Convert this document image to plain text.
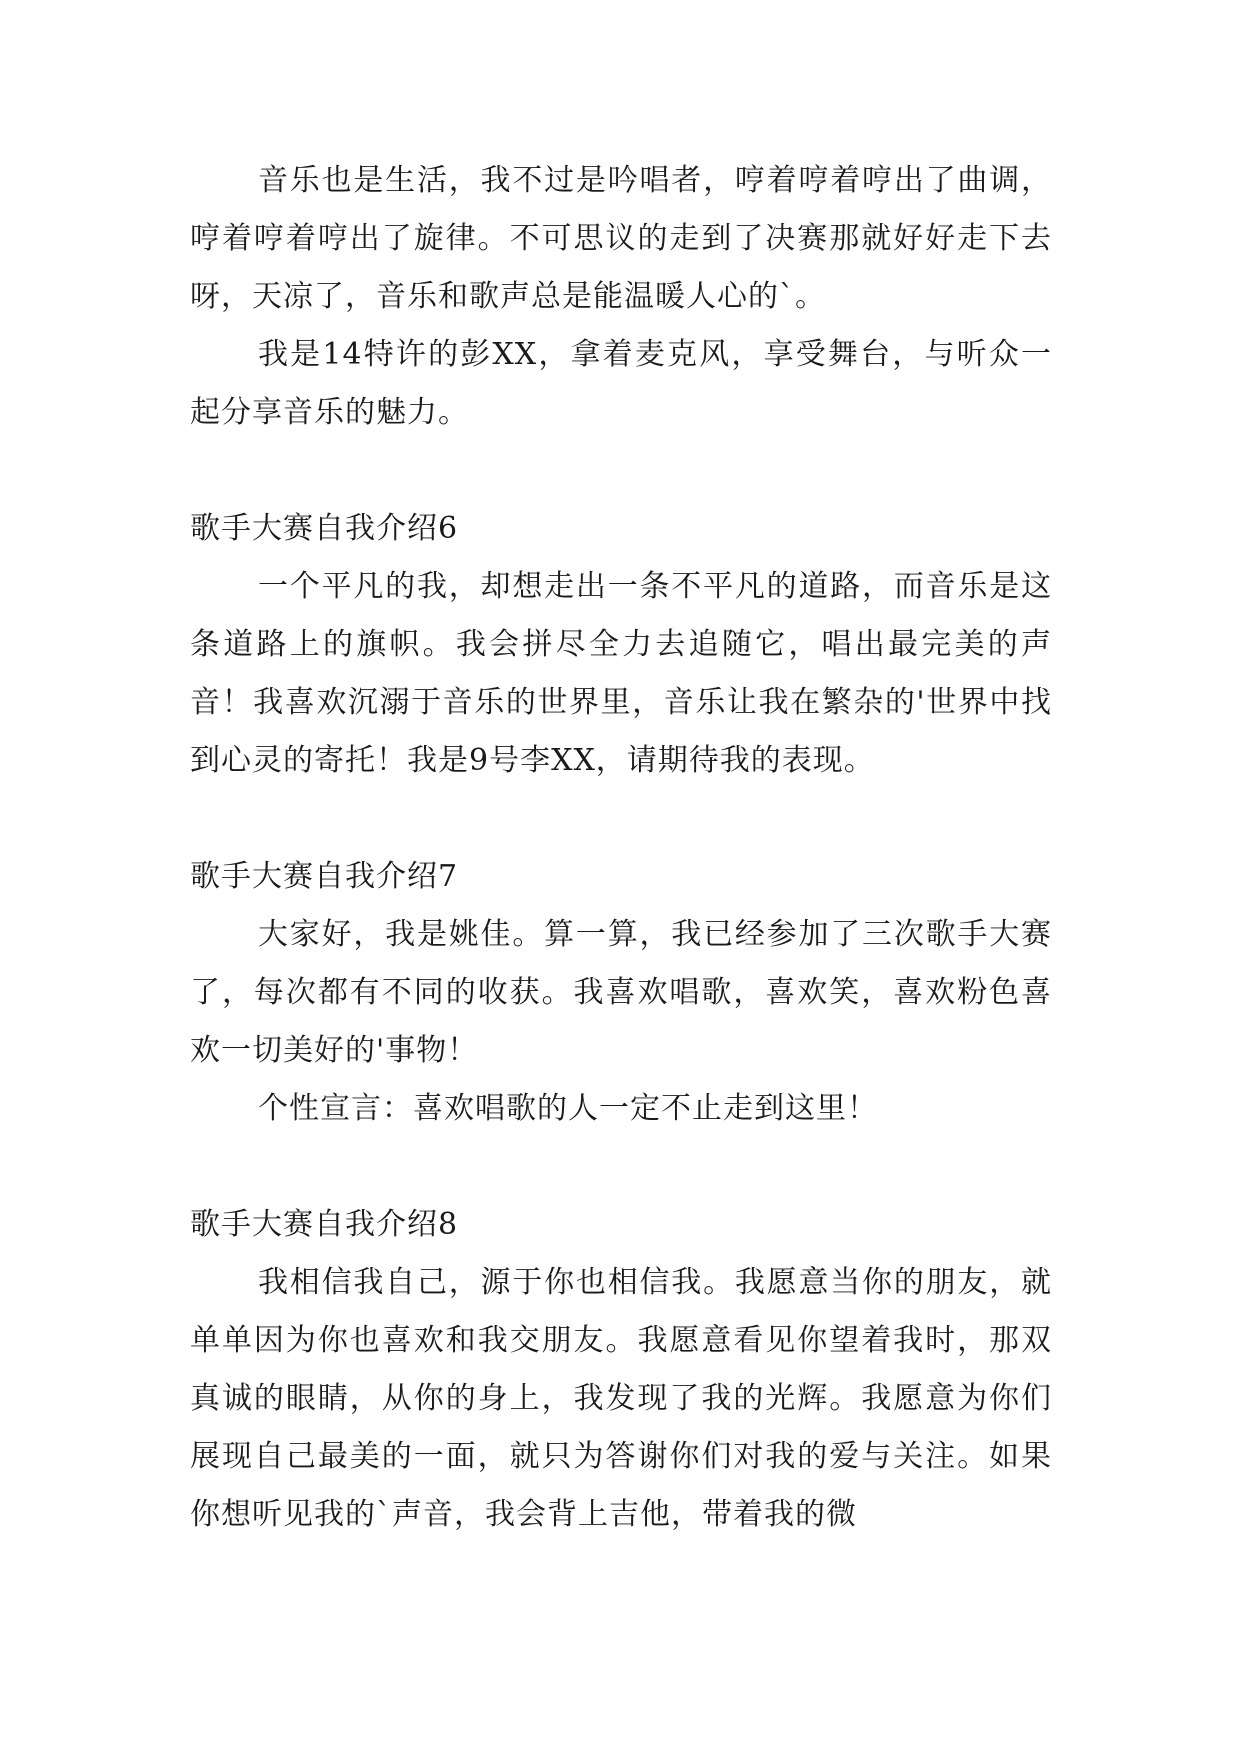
音乐也是生活，我不过是吟唱者，哼着哼着哼出了曲调，哼着哼着哼出了旋律。不可思议的走到了决赛那就好好走下去呀，天凉了，音乐和歌声总是能温暖人心的`。

我是14特许的彭XX，拿着麦克风，享受舞台，与听众一起分享音乐的魅力。

歌手大赛自我介绍6

一个平凡的我，却想走出一条不平凡的道路，而音乐是这条道路上的旗帜。我会拼尽全力去追随它，唱出最完美的声音！我喜欢沉溺于音乐的世界里，音乐让我在繁杂的'世界中找到心灵的寄托！我是9号李XX，请期待我的表现。

歌手大赛自我介绍7

大家好，我是姚佳。算一算，我已经参加了三次歌手大赛了，每次都有不同的收获。我喜欢唱歌，喜欢笑，喜欢粉色喜欢一切美好的'事物！

个性宣言：喜欢唱歌的人一定不止走到这里！

歌手大赛自我介绍8

我相信我自己，源于你也相信我。我愿意当你的朋友，就单单因为你也喜欢和我交朋友。我愿意看见你望着我时，那双真诚的眼睛，从你的身上，我发现了我的光辉。我愿意为你们展现自己最美的一面，就只为答谢你们对我的爱与关注。如果你想听见我的`声音，我会背上吉他，带着我的微
